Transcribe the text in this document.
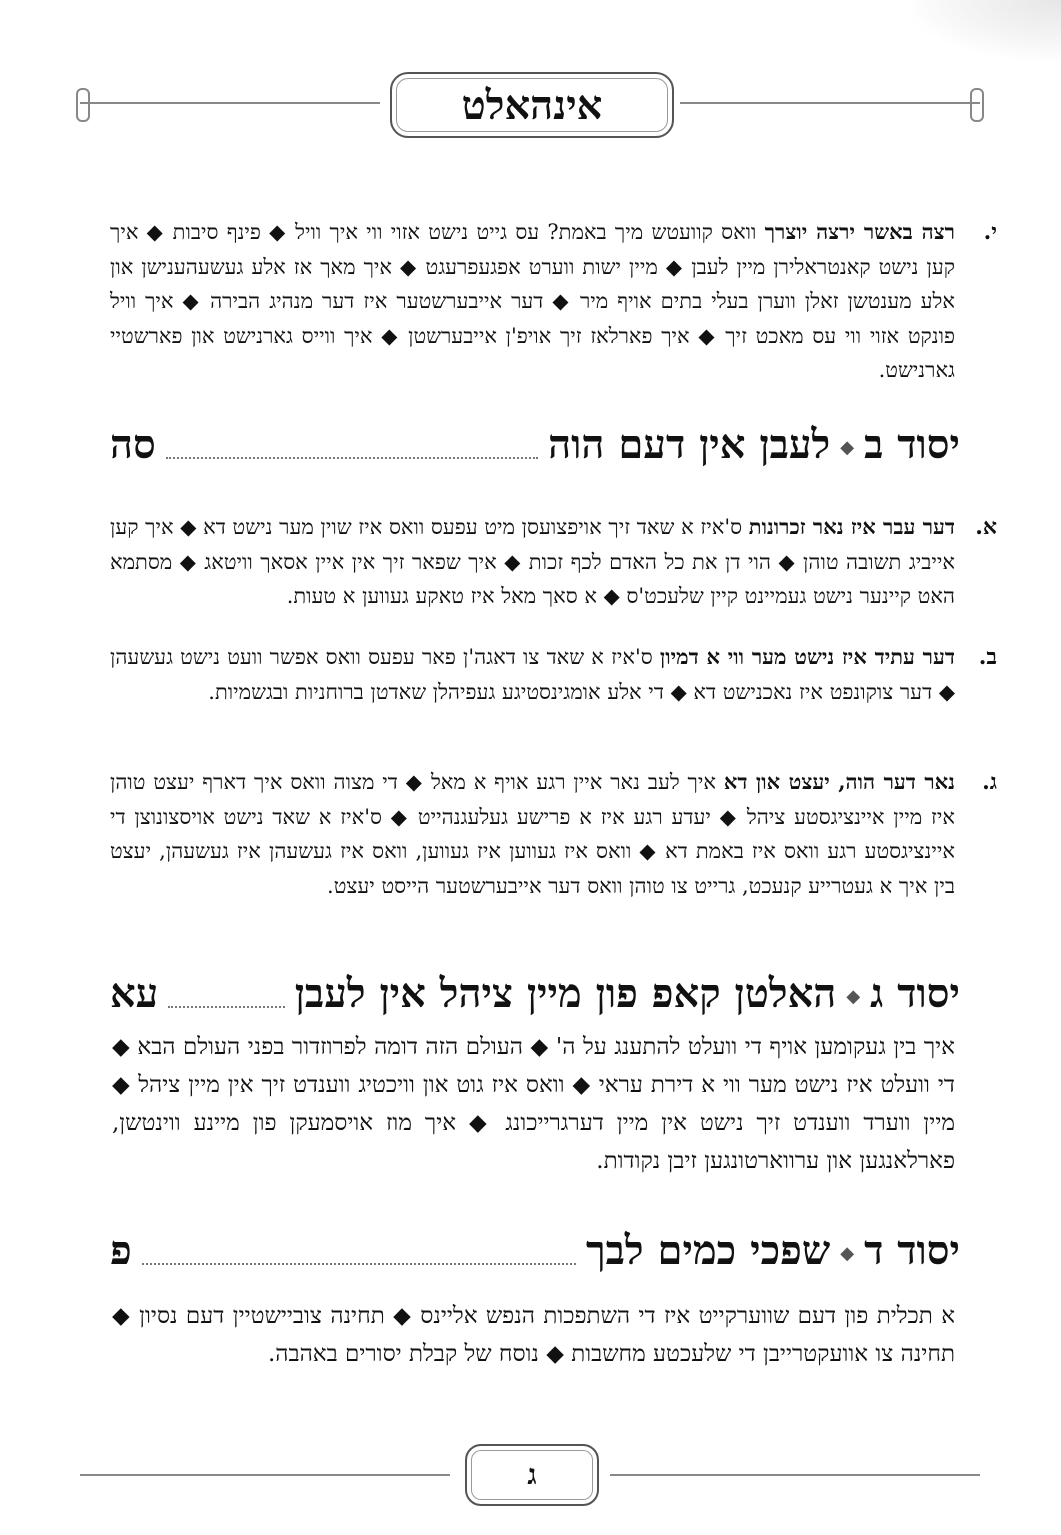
אינהאלט
י.
רצה באשר ירצה יוצרך וואס קוועטש מיך באמת? עס גייט נישט אזוי ווי איך וויל ◆ פינף סיבות ◆ איך קען נישט קאנטראלירן מיין לעבן ◆ מיין ישות ווערט אפגעפרעגט ◆ איך מאך אז אלע געשעהענישן און אלע מענטשן זאלן ווערן בעלי בתים אויף מיר ◆ דער אייבערשטער איז דער מנהיג הבירה ◆ איך וויל פונקט אזוי ווי עס מאכט זיך ◆ איך פארלאז זיך אויפ'ן אייבערשטן ◆ איך ווייס גארנישט און פארשטיי גארנישט.
יסוד ב◆לעבן אין דעם הוה
סה
א.
דער עבר איז נאר זכרונות ס'איז א שאד זיך אויפצועסן מיט עפעס וואס איז שוין מער נישט דא ◆ איך קען אייביג תשובה טוהן ◆ הוי דן את כל האדם לכף זכות ◆ איך שפאר זיך אין איין אסאך וויטאג ◆ מסתמא האט קיינער נישט געמיינט קיין שלעכט'ס ◆ א סאך מאל איז טאקע געווען א טעות.
ב.
דער עתיד איז נישט מער ווי א דמיון ס'איז א שאד צו דאגה'ן פאר עפעס וואס אפשר וועט נישט געשעהן ◆ דער צוקונפט איז נאכנישט דא ◆ די אלע אומגינסטיגע געפיהלן שאדטן ברוחניות ובגשמיות.
ג.
נאר דער הוה, יעצט און דא איך לעב נאר איין רגע אויף א מאל ◆ די מצוה וואס איך דארף יעצט טוהן איז מיין איינציגסטע ציהל ◆ יעדע רגע איז א פרישע געלעגנהייט ◆ ס'איז א שאד נישט אויסצונוצן די איינציגסטע רגע וואס איז באמת דא ◆ וואס איז געווען איז געווען, וואס איז געשעהן איז געשעהן, יעצט בין איך א געטרייע קנעכט, גרייט צו טוהן וואס דער אייבערשטער הייסט יעצט.
יסוד ג◆האלטן קאפ פון מיין ציהל אין לעבן
עא
איך בין געקומען אויף די וועלט להתענג על ה' ◆ העולם הזה דומה לפרוזדור בפני העולם הבא ◆ די וועלט איז נישט מער ווי א דירת עראי ◆ וואס איז גוט און וויכטיג ווענדט זיך אין מיין ציהל ◆ מיין ווערד ווענדט זיך נישט אין מיין דערגרייכונג ◆ איך מוז אויסמעקן פון מיינע ווינטשן, פארלאנגען און ערווארטונגען זיבן נקודות.
יסוד ד◆שפכי כמים לבך
פ
א תכלית פון דעם שווערקייט איז די השתפכות הנפש אליינס ◆ תחינה צוביישטיין דעם נסיון ◆ תחינה צו אוועקטרייבן די שלעכטע מחשבות ◆ נוסח של קבלת יסורים באהבה.
ג
